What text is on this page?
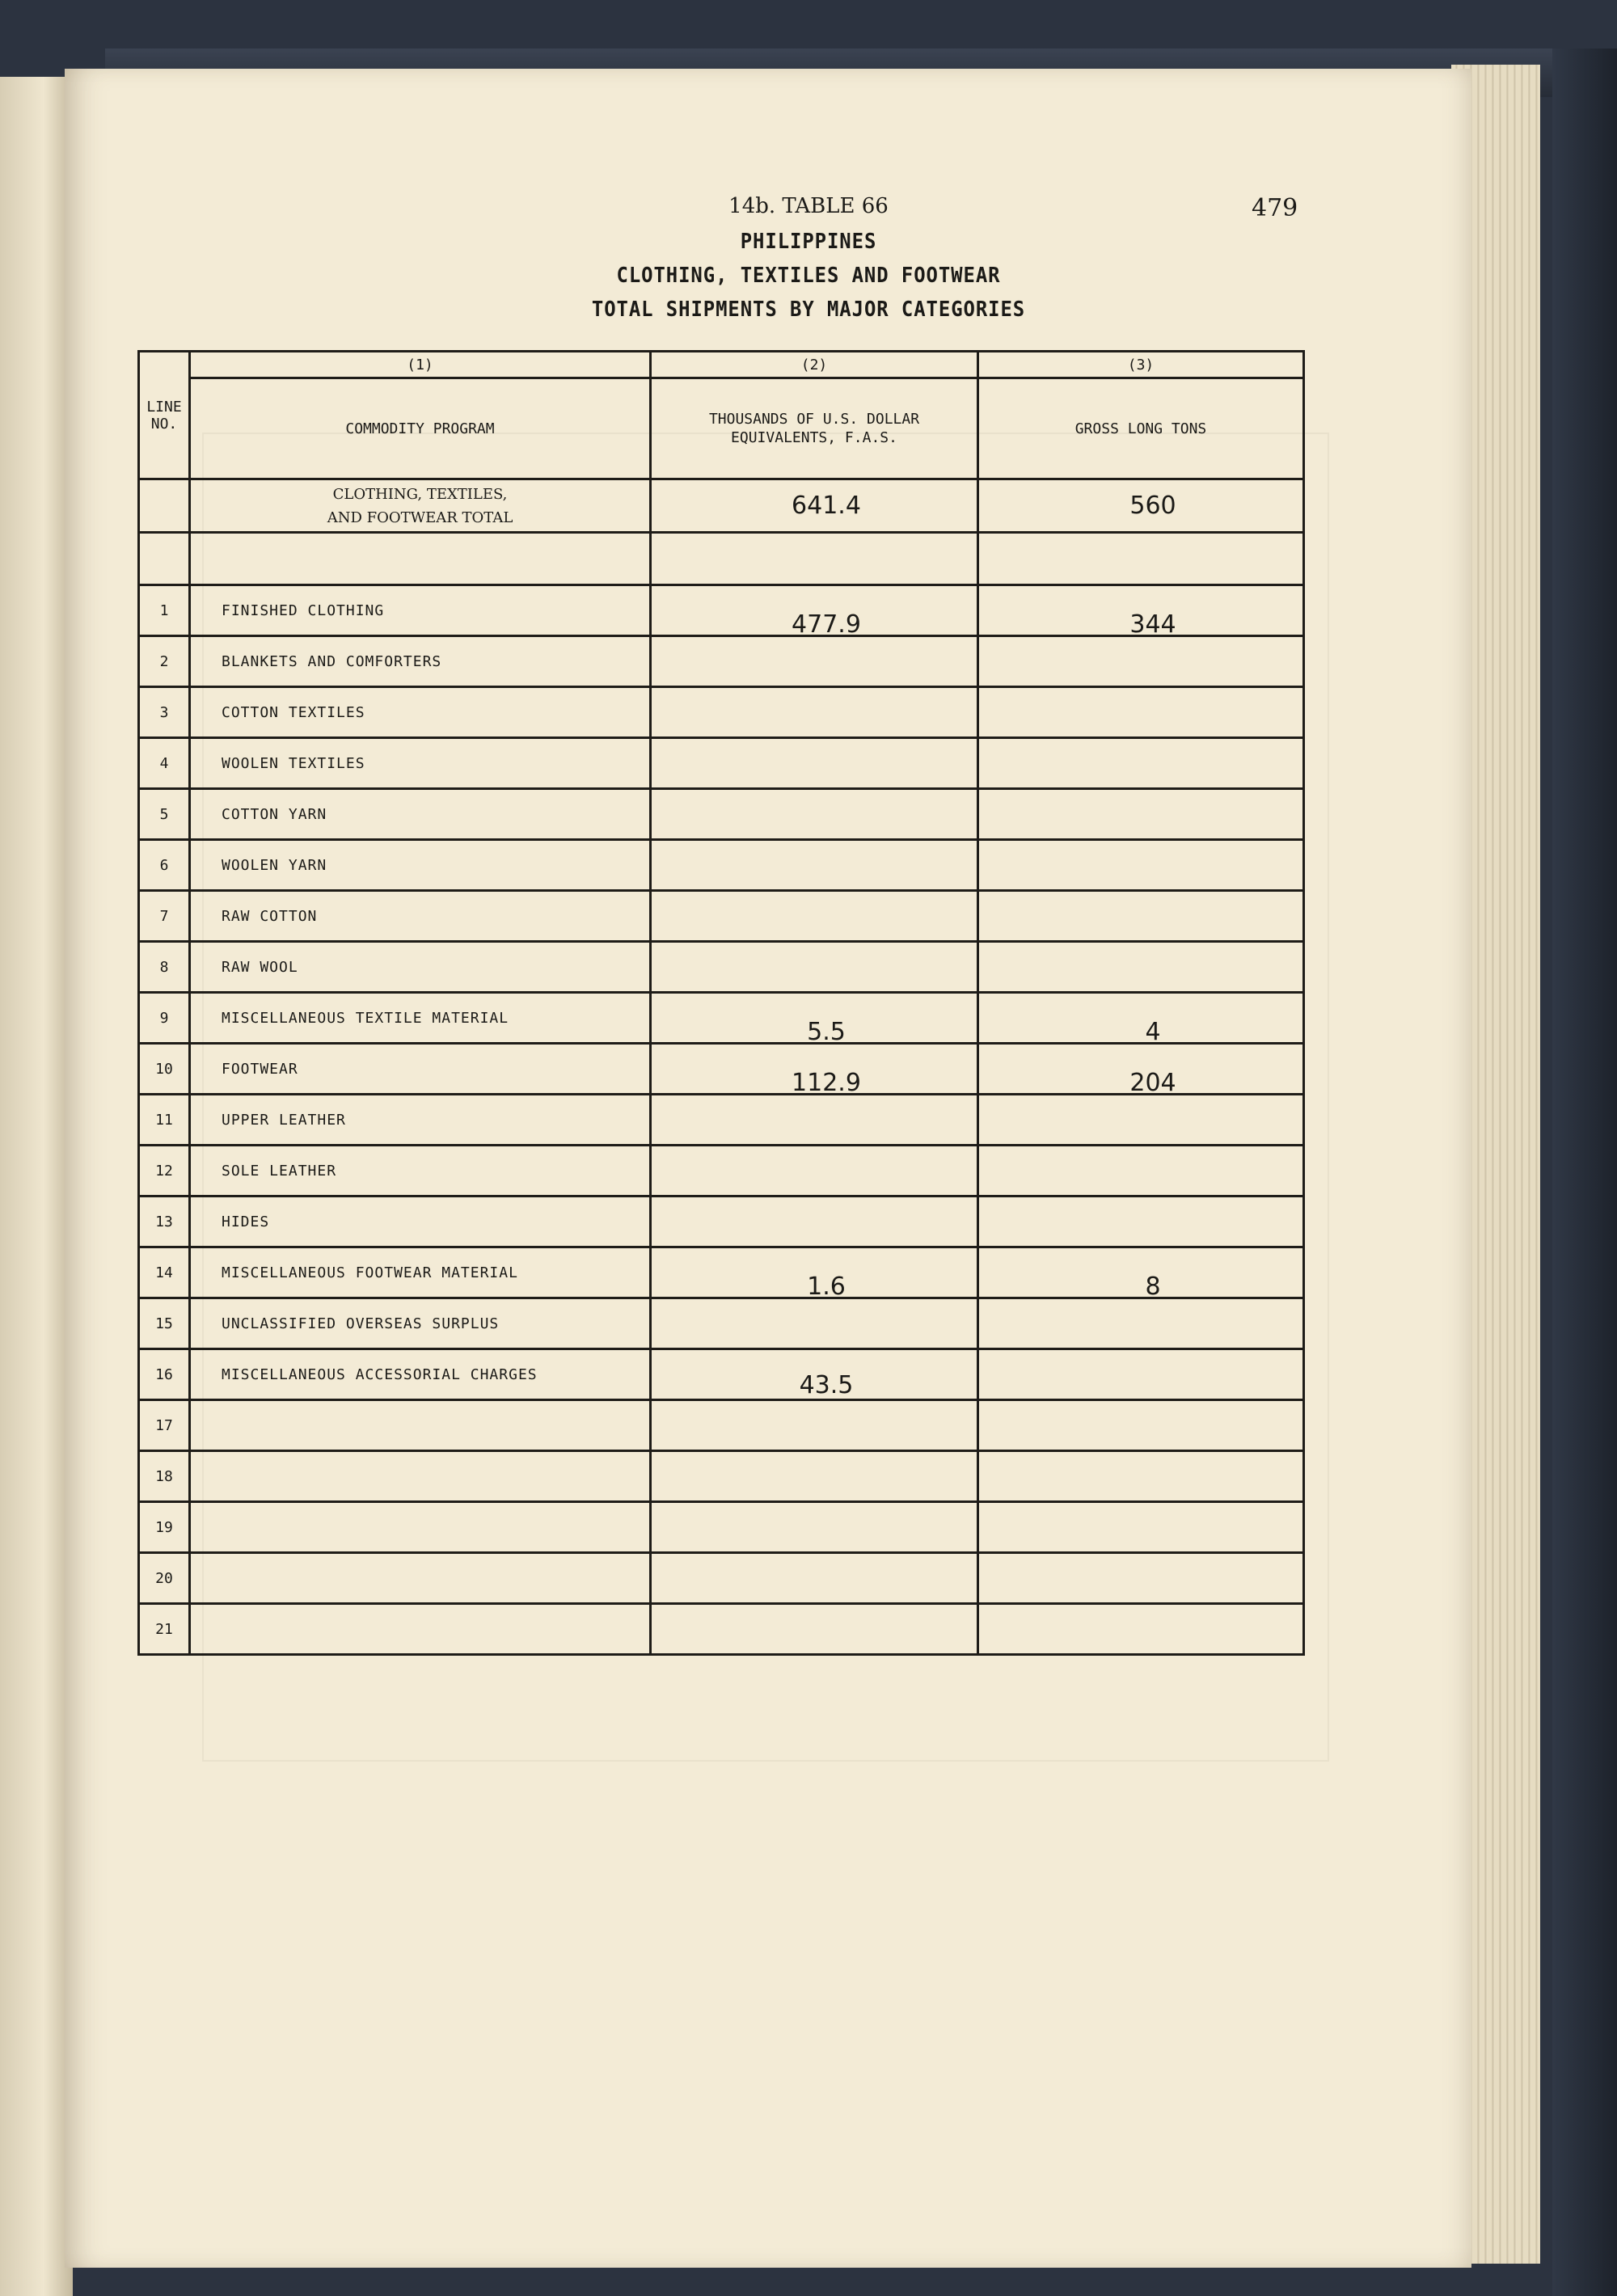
14b. TABLE 66	479
PHILIPPINES
CLOTHING, TEXTILES AND FOOTWEAR
TOTAL SHIPMENTS BY MAJOR CATEGORIES
LINE NO.	(1)	(2)	(3)
	COMMODITY PROGRAM	THOUSANDS OF U.S. DOLLAR EQUIVALENTS, F.A.S.	GROSS LONG TONS

	CLOTHING, TEXTILES,
AND FOOTWEAR TOTAL	641.4	560

1	FINISHED CLOTHING	477.9	344

2	BLANKETS AND COMFORTERS	

3	COTTON TEXTILES	

4	WOOLEN TEXTILES	

5	COTTON YARN	

6	WOOLEN YARN	

7	RAW COTTON	

8	RAW WOOL	

9	MISCELLANEOUS TEXTILE MATERIAL	5.5	4

10	FOOTWEAR	112.9	204

11	UPPER LEATHER	

12	SOLE LEATHER	

13	HIDES	

14	MISCELLANEOUS FOOTWEAR MATERIAL	1.6	8

15	UNCLASSIFIED OVERSEAS SURPLUS	

16	MISCELLANEOUS ACCESSORIAL CHARGES	43.5	

17		

18		

19		

20		

21		
